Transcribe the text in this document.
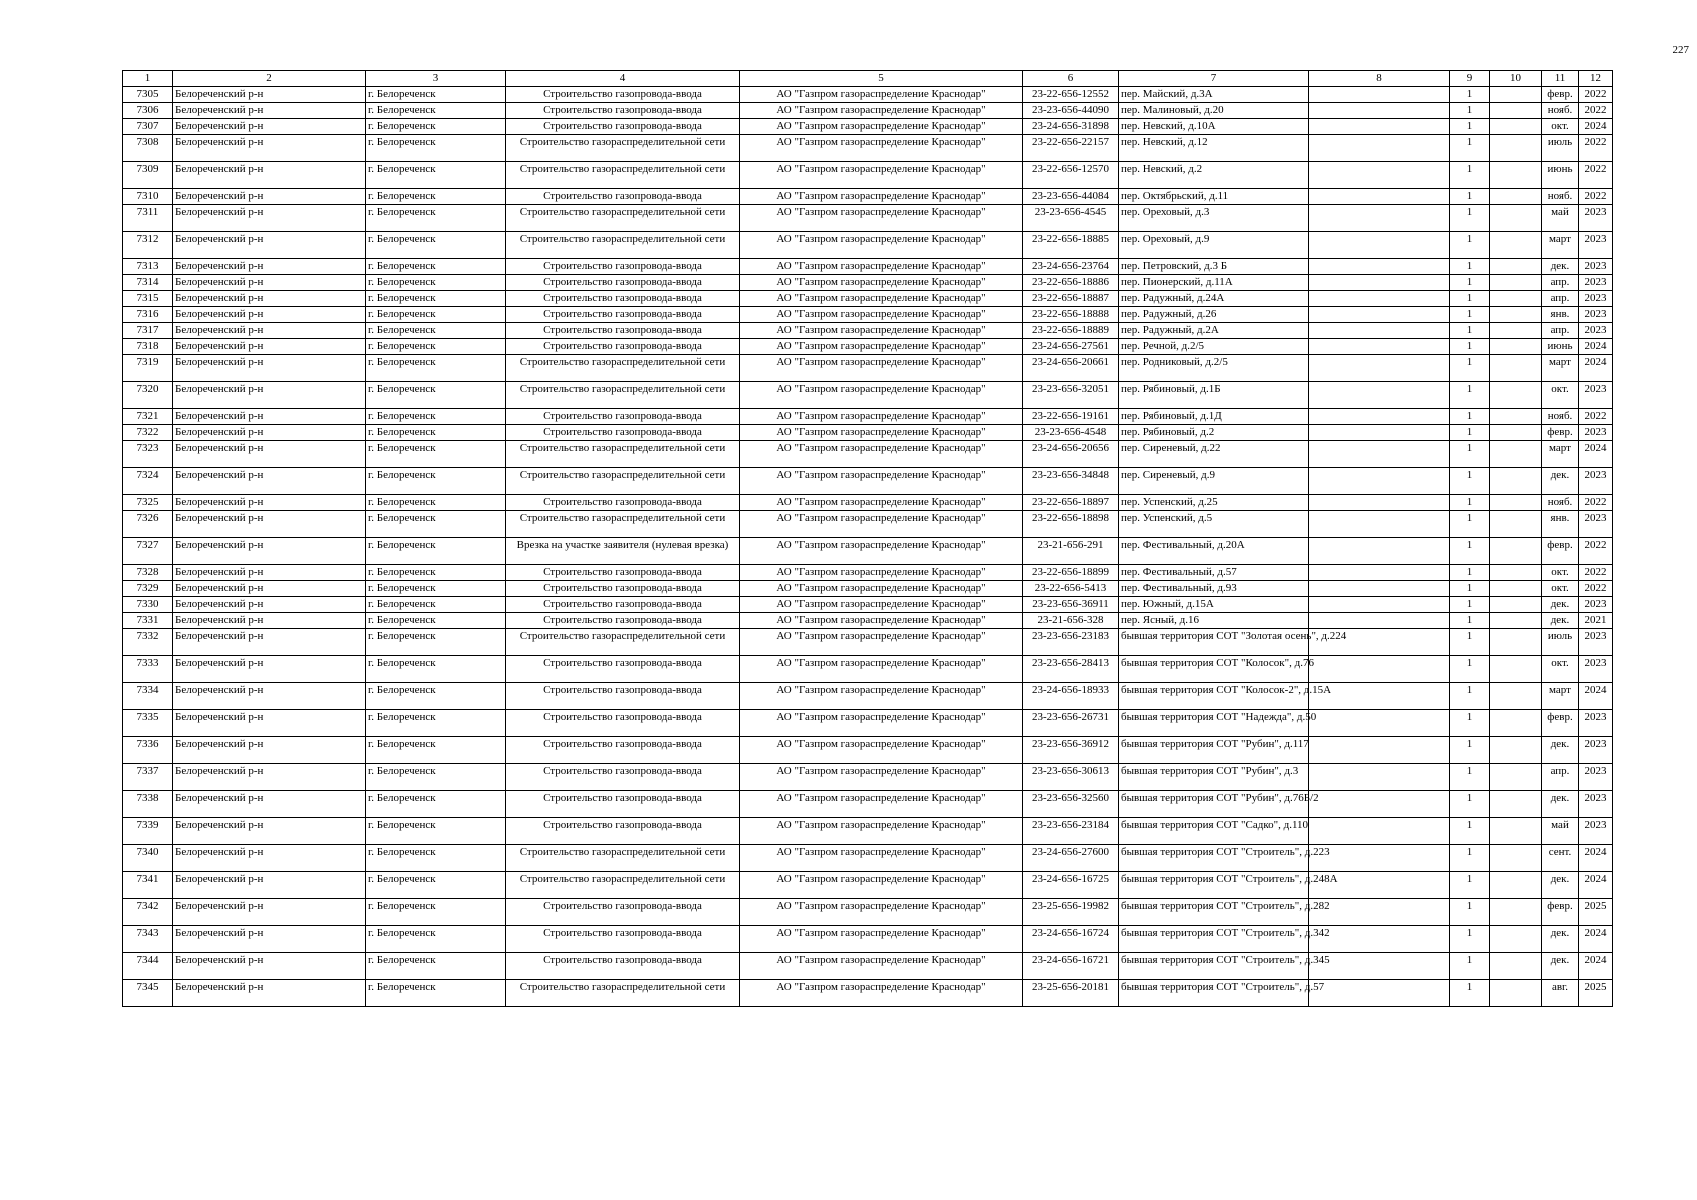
227
1	2	3	4	5	6	7	8	9	10	11	12
7305	Белореченский р-н	г. Белореченск	Строительство газопровода-ввода	АО "Газпром газораспределение Краснодар"	23-22-656-12552	пер. Майский, д.3А		1		февр.	2022
7306	Белореченский р-н	г. Белореченск	Строительство газопровода-ввода	АО "Газпром газораспределение Краснодар"	23-23-656-44090	пер. Малиновый, д.20		1		нояб.	2022
7307	Белореченский р-н	г. Белореченск	Строительство газопровода-ввода	АО "Газпром газораспределение Краснодар"	23-24-656-31898	пер. Невский, д.10А		1		окт.	2024
7308	Белореченский р-н	г. Белореченск	Строительство газораспределительной сети	АО "Газпром газораспределение Краснодар"	23-22-656-22157	пер. Невский, д.12		1		июль	2022
7309	Белореченский р-н	г. Белореченск	Строительство газораспределительной сети	АО "Газпром газораспределение Краснодар"	23-22-656-12570	пер. Невский, д.2		1		июнь	2022
7310	Белореченский р-н	г. Белореченск	Строительство газопровода-ввода	АО "Газпром газораспределение Краснодар"	23-23-656-44084	пер. Октябрьский, д.11		1		нояб.	2022
7311	Белореченский р-н	г. Белореченск	Строительство газораспределительной сети	АО "Газпром газораспределение Краснодар"	23-23-656-4545	пер. Ореховый, д.3		1		май	2023
7312	Белореченский р-н	г. Белореченск	Строительство газораспределительной сети	АО "Газпром газораспределение Краснодар"	23-22-656-18885	пер. Ореховый, д.9		1		март	2023
7313	Белореченский р-н	г. Белореченск	Строительство газопровода-ввода	АО "Газпром газораспределение Краснодар"	23-24-656-23764	пер. Петровский, д.3 Б		1		дек.	2023
7314	Белореченский р-н	г. Белореченск	Строительство газопровода-ввода	АО "Газпром газораспределение Краснодар"	23-22-656-18886	пер. Пионерский, д.11А		1		апр.	2023
7315	Белореченский р-н	г. Белореченск	Строительство газопровода-ввода	АО "Газпром газораспределение Краснодар"	23-22-656-18887	пер. Радужный, д.24А		1		апр.	2023
7316	Белореченский р-н	г. Белореченск	Строительство газопровода-ввода	АО "Газпром газораспределение Краснодар"	23-22-656-18888	пер. Радужный, д.26		1		янв.	2023
7317	Белореченский р-н	г. Белореченск	Строительство газопровода-ввода	АО "Газпром газораспределение Краснодар"	23-22-656-18889	пер. Радужный, д.2А		1		апр.	2023
7318	Белореченский р-н	г. Белореченск	Строительство газопровода-ввода	АО "Газпром газораспределение Краснодар"	23-24-656-27561	пер. Речной, д.2/5		1		июнь	2024
7319	Белореченский р-н	г. Белореченск	Строительство газораспределительной сети	АО "Газпром газораспределение Краснодар"	23-24-656-20661	пер. Родниковый, д.2/5		1		март	2024
7320	Белореченский р-н	г. Белореченск	Строительство газораспределительной сети	АО "Газпром газораспределение Краснодар"	23-23-656-32051	пер. Рябиновый, д.1Б		1		окт.	2023
7321	Белореченский р-н	г. Белореченск	Строительство газопровода-ввода	АО "Газпром газораспределение Краснодар"	23-22-656-19161	пер. Рябиновый, д.1Д		1		нояб.	2022
7322	Белореченский р-н	г. Белореченск	Строительство газопровода-ввода	АО "Газпром газораспределение Краснодар"	23-23-656-4548	пер. Рябиновый, д.2		1		февр.	2023
7323	Белореченский р-н	г. Белореченск	Строительство газораспределительной сети	АО "Газпром газораспределение Краснодар"	23-24-656-20656	пер. Сиреневый, д.22		1		март	2024
7324	Белореченский р-н	г. Белореченск	Строительство газораспределительной сети	АО "Газпром газораспределение Краснодар"	23-23-656-34848	пер. Сиреневый, д.9		1		дек.	2023
7325	Белореченский р-н	г. Белореченск	Строительство газопровода-ввода	АО "Газпром газораспределение Краснодар"	23-22-656-18897	пер. Успенский, д.25		1		нояб.	2022
7326	Белореченский р-н	г. Белореченск	Строительство газораспределительной сети	АО "Газпром газораспределение Краснодар"	23-22-656-18898	пер. Успенский, д.5		1		янв.	2023
7327	Белореченский р-н	г. Белореченск	Врезка на участке заявителя (нулевая врезка)	АО "Газпром газораспределение Краснодар"	23-21-656-291	пер. Фестивальный, д.20А		1		февр.	2022
7328	Белореченский р-н	г. Белореченск	Строительство газопровода-ввода	АО "Газпром газораспределение Краснодар"	23-22-656-18899	пер. Фестивальный, д.57		1		окт.	2022
7329	Белореченский р-н	г. Белореченск	Строительство газопровода-ввода	АО "Газпром газораспределение Краснодар"	23-22-656-5413	пер. Фестивальный, д.93		1		окт.	2022
7330	Белореченский р-н	г. Белореченск	Строительство газопровода-ввода	АО "Газпром газораспределение Краснодар"	23-23-656-36911	пер. Южный, д.15А		1		дек.	2023
7331	Белореченский р-н	г. Белореченск	Строительство газопровода-ввода	АО "Газпром газораспределение Краснодар"	23-21-656-328	пер. Ясный, д.16		1		дек.	2021
7332	Белореченский р-н	г. Белореченск	Строительство газораспределительной сети	АО "Газпром газораспределение Краснодар"	23-23-656-23183	бывшая территория СОТ "Золотая осень", д.224		1		июль	2023
7333	Белореченский р-н	г. Белореченск	Строительство газопровода-ввода	АО "Газпром газораспределение Краснодар"	23-23-656-28413	бывшая территория СОТ "Колосок", д.76		1		окт.	2023
7334	Белореченский р-н	г. Белореченск	Строительство газопровода-ввода	АО "Газпром газораспределение Краснодар"	23-24-656-18933	бывшая территория СОТ "Колосок-2", д.15А		1		март	2024
7335	Белореченский р-н	г. Белореченск	Строительство газопровода-ввода	АО "Газпром газораспределение Краснодар"	23-23-656-26731	бывшая территория СОТ "Надежда", д.50		1		февр.	2023
7336	Белореченский р-н	г. Белореченск	Строительство газопровода-ввода	АО "Газпром газораспределение Краснодар"	23-23-656-36912	бывшая территория СОТ "Рубин", д.117		1		дек.	2023
7337	Белореченский р-н	г. Белореченск	Строительство газопровода-ввода	АО "Газпром газораспределение Краснодар"	23-23-656-30613	бывшая территория СОТ "Рубин", д.3		1		апр.	2023
7338	Белореченский р-н	г. Белореченск	Строительство газопровода-ввода	АО "Газпром газораспределение Краснодар"	23-23-656-32560	бывшая территория СОТ "Рубин", д.76Б/2		1		дек.	2023
7339	Белореченский р-н	г. Белореченск	Строительство газопровода-ввода	АО "Газпром газораспределение Краснодар"	23-23-656-23184	бывшая территория СОТ "Садко", д.110		1		май	2023
7340	Белореченский р-н	г. Белореченск	Строительство газораспределительной сети	АО "Газпром газораспределение Краснодар"	23-24-656-27600	бывшая территория СОТ "Строитель", д.223		1		сент.	2024
7341	Белореченский р-н	г. Белореченск	Строительство газораспределительной сети	АО "Газпром газораспределение Краснодар"	23-24-656-16725	бывшая территория СОТ "Строитель", д.248А		1		дек.	2024
7342	Белореченский р-н	г. Белореченск	Строительство газопровода-ввода	АО "Газпром газораспределение Краснодар"	23-25-656-19982	бывшая территория СОТ "Строитель", д.282		1		февр.	2025
7343	Белореченский р-н	г. Белореченск	Строительство газопровода-ввода	АО "Газпром газораспределение Краснодар"	23-24-656-16724	бывшая территория СОТ "Строитель", д.342		1		дек.	2024
7344	Белореченский р-н	г. Белореченск	Строительство газопровода-ввода	АО "Газпром газораспределение Краснодар"	23-24-656-16721	бывшая территория СОТ "Строитель", д.345		1		дек.	2024
7345	Белореченский р-н	г. Белореченск	Строительство газораспределительной сети	АО "Газпром газораспределение Краснодар"	23-25-656-20181	бывшая территория СОТ "Строитель", д.57		1		авг.	2025
